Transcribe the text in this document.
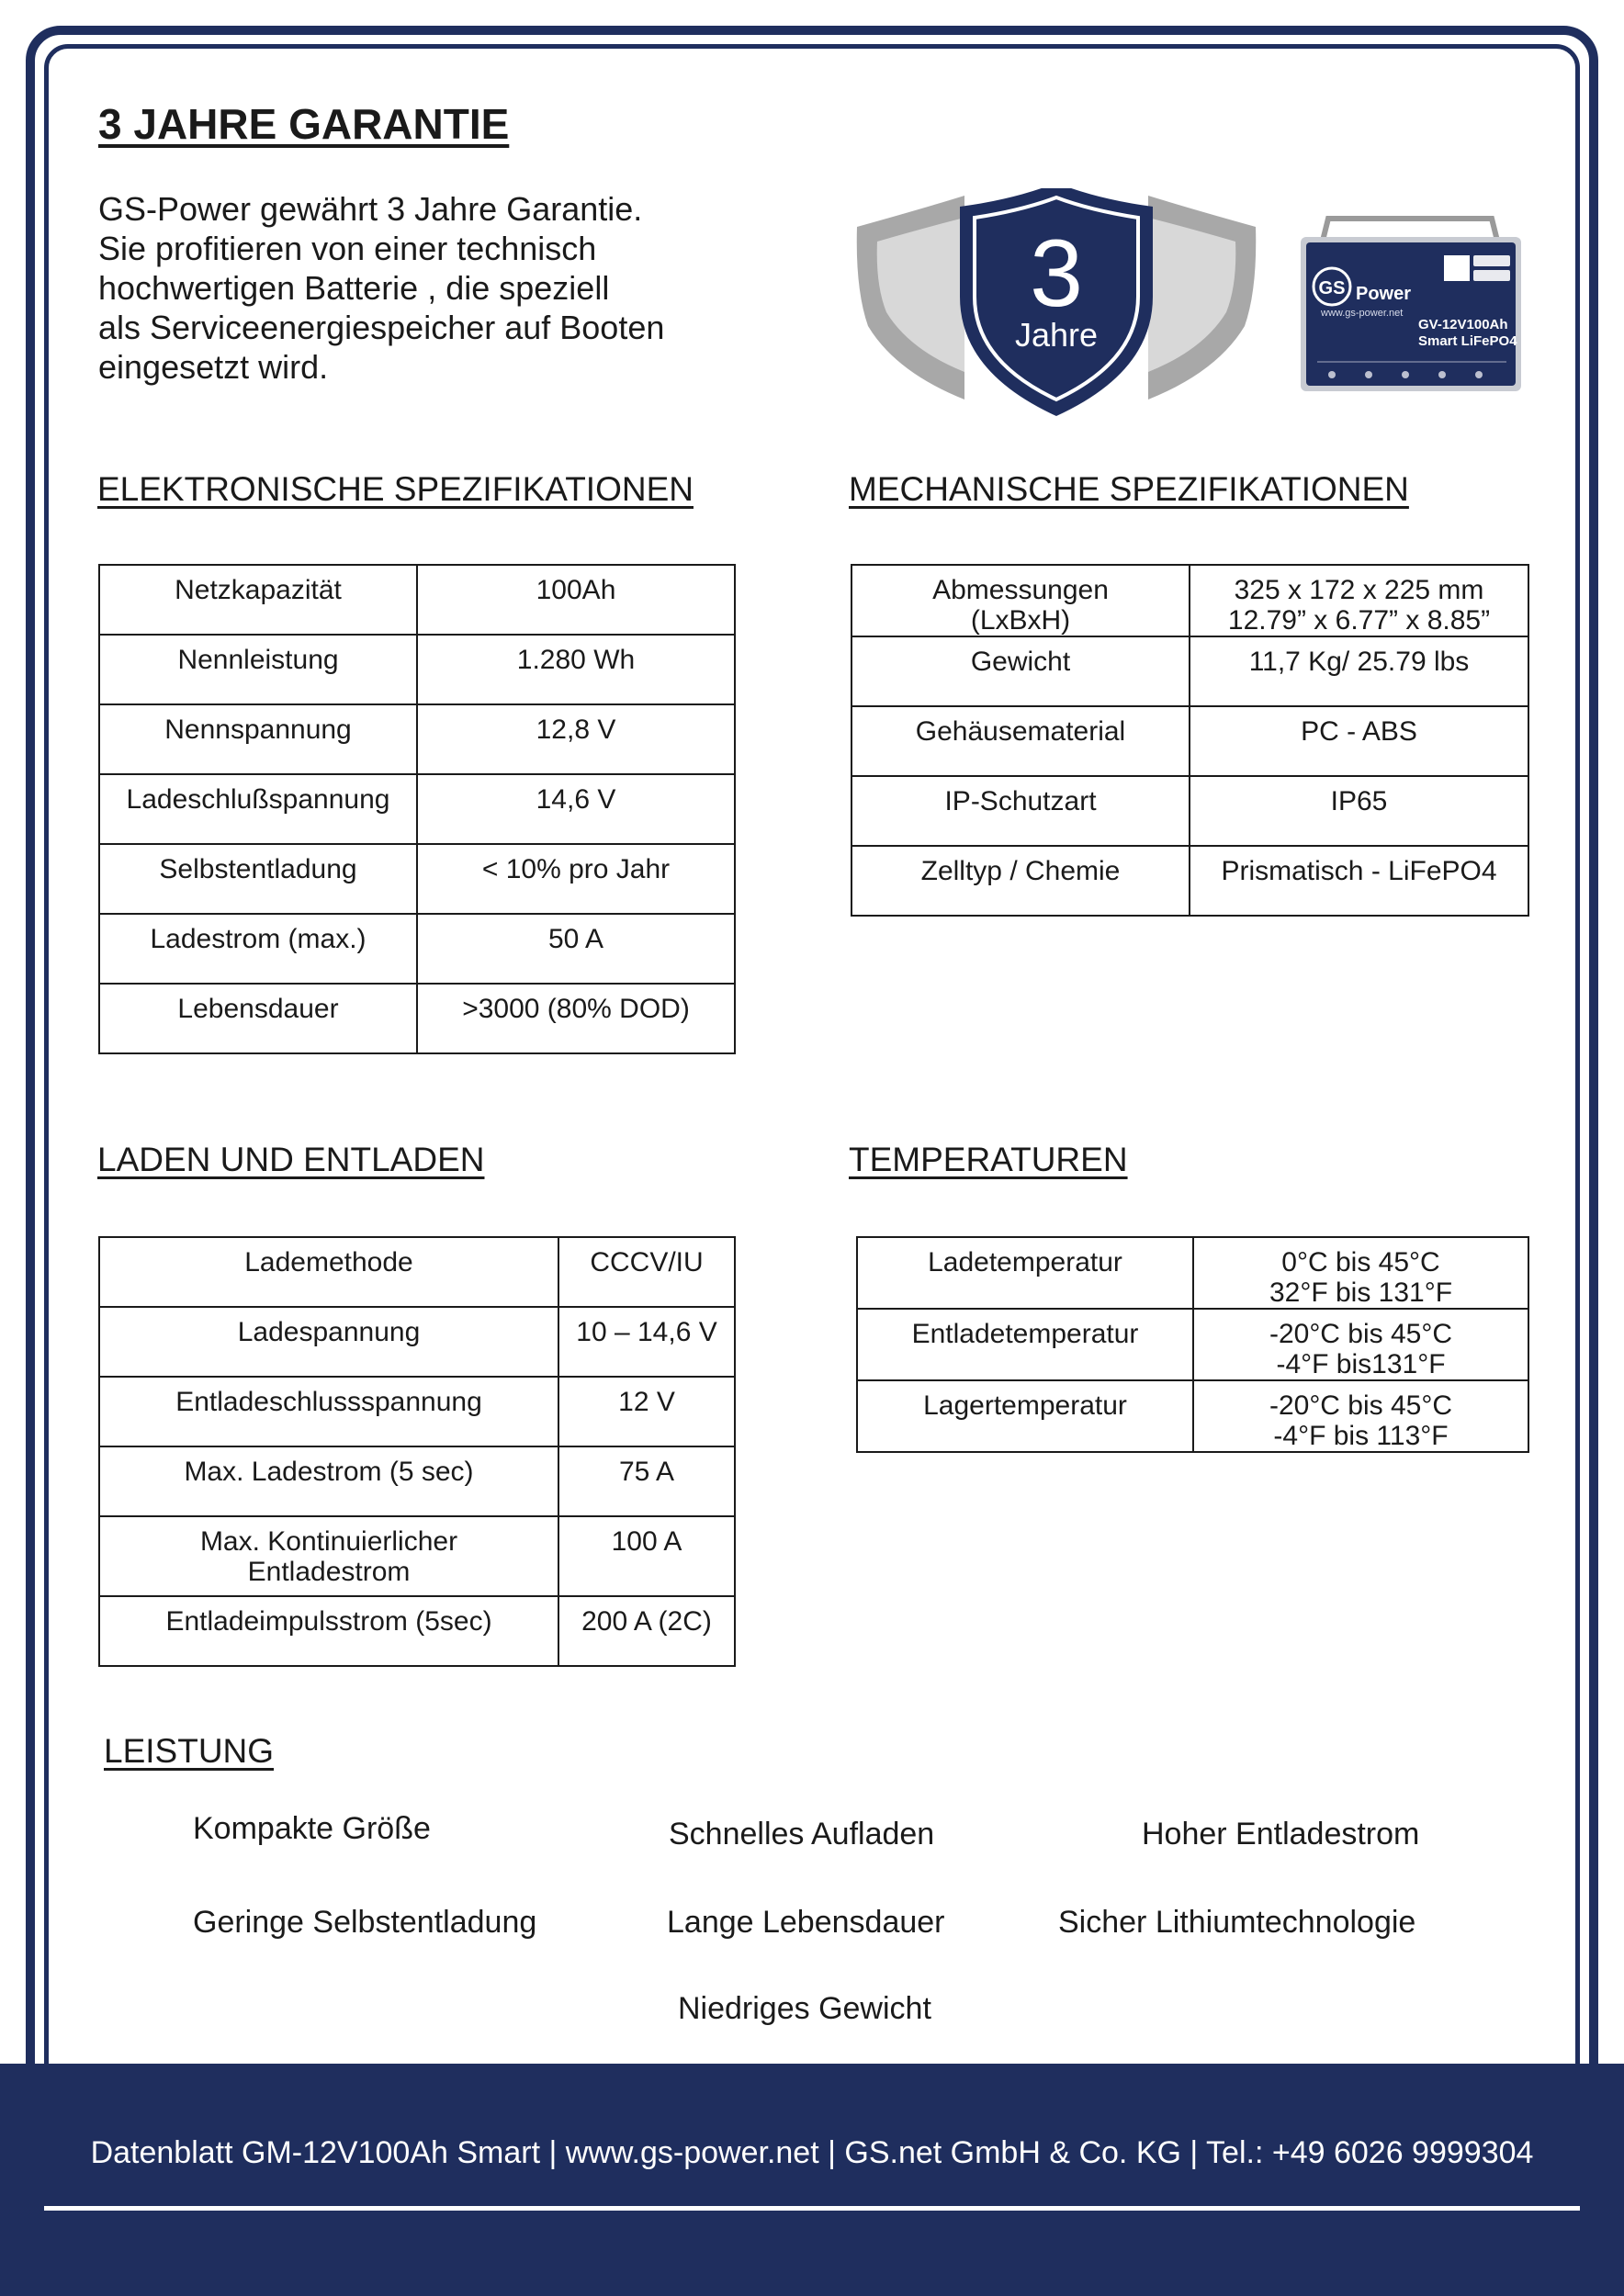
3 JAHRE GARANTIE

GS-Power gewährt 3 Jahre Garantie.
Sie profitieren von einer technisch
hochwertigen Batterie , die speziell
als Serviceenergiespeicher auf Booten
eingesetzt wird.

3
Jahre
GS Power
www.gs-power.net
GV-12V100Ah
Smart LiFePO4
ELEKTRONISCHE SPEZIFIKATIONEN	MECHANISCHE SPEZIFIKATIONEN
LADEN UND ENTLADEN	TEMPERATUREN
LEISTUNG
Netzkapazität	100Ah
Nennleistung	1.280 Wh
Nennspannung	12,8 V
Ladeschlußspannung	14,6 V
Selbstentladung	< 10% pro Jahr
Ladestrom (max.)	50 A
Lebensdauer	>3000 (80% DOD)
Abmessungen
(LxBxH)	325 x 172 x 225 mm
12.79” x 6.77” x 8.85”
Gewicht	11,7 Kg/ 25.79 lbs
Gehäusematerial	PC - ABS
IP-Schutzart	IP65
Zelltyp / Chemie	Prismatisch - LiFePO4
Lademethode	CCCV/IU
Ladespannung	10 – 14,6 V
Entladeschlussspannung	12 V
Max. Ladestrom (5 sec)	75 A
Max. Kontinuierlicher
Entladestrom	100 A
Entladeimpulsstrom (5sec)	200 A (2C)
Ladetemperatur	0°C bis 45°C
32°F bis 131°F
Entladetemperatur	-20°C bis 45°C
-4°F bis131°F
Lagertemperatur	-20°C bis 45°C
-4°F bis 113°F
Kompakte Größe	Schnelles Aufladen	Hoher Entladestrom
Geringe Selbstentladung	Lange Lebensdauer	Sicher Lithiumtechnologie
Niedriges Gewicht
Datenblatt GM-12V100Ah Smart | www.gs-power.net | GS.net GmbH & Co. KG | Tel.: +49 6026 9999304
